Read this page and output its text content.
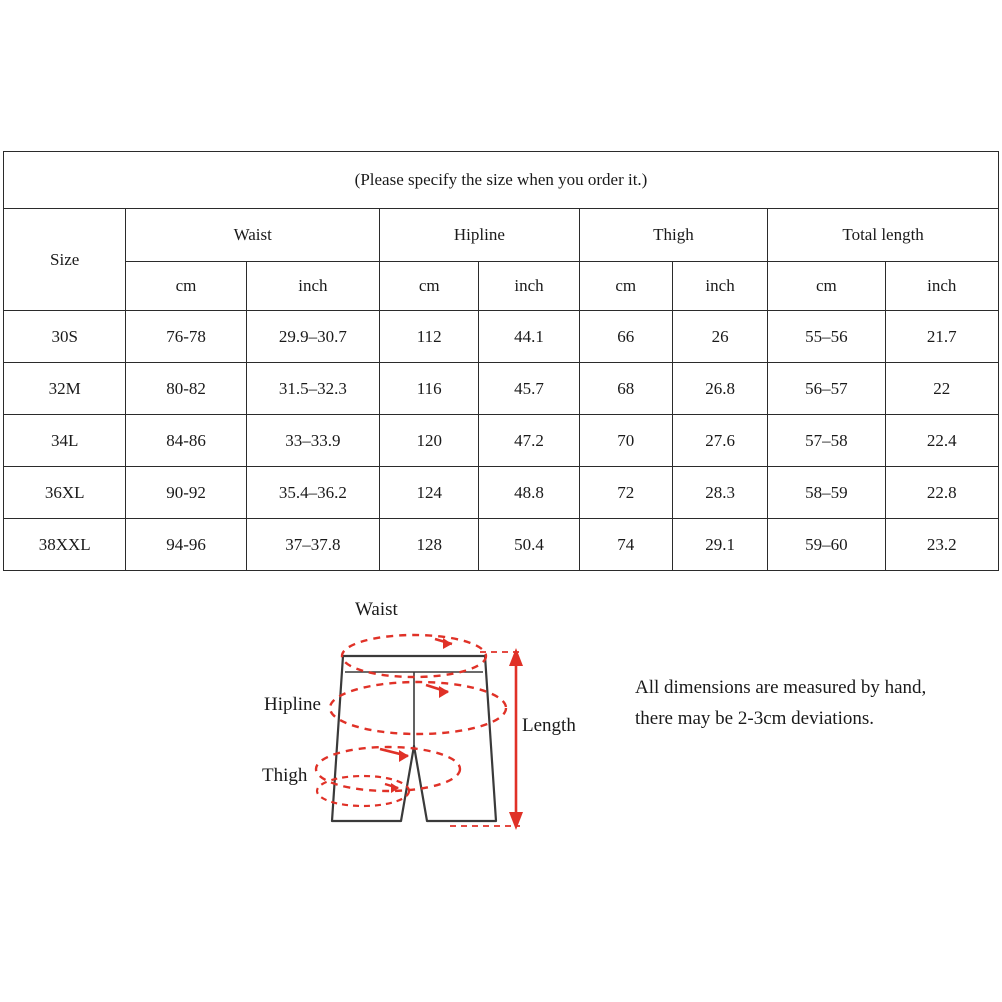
(Please specify the size when you order it.)								
Size	Waist		Hipline		Thigh		Total length	
	cm	inch	cm	inch	cm	inch	cm	inch
30S	76-78	29.9–30.7	112	44.1	66	26	55–56	21.7
32M	80-82	31.5–32.3	116	45.7	68	26.8	56–57	22
34L	84-86	33–33.9	120	47.2	70	27.6	57–58	22.4
36XL	90-92	35.4–36.2	124	48.8	72	28.3	58–59	22.8
38XXL	94-96	37–37.8	128	50.4	74	29.1	59–60	23.2
Waist
Hipline
Thigh
Length
All dimensions are measured by hand,
there may be 2-3cm deviations.
